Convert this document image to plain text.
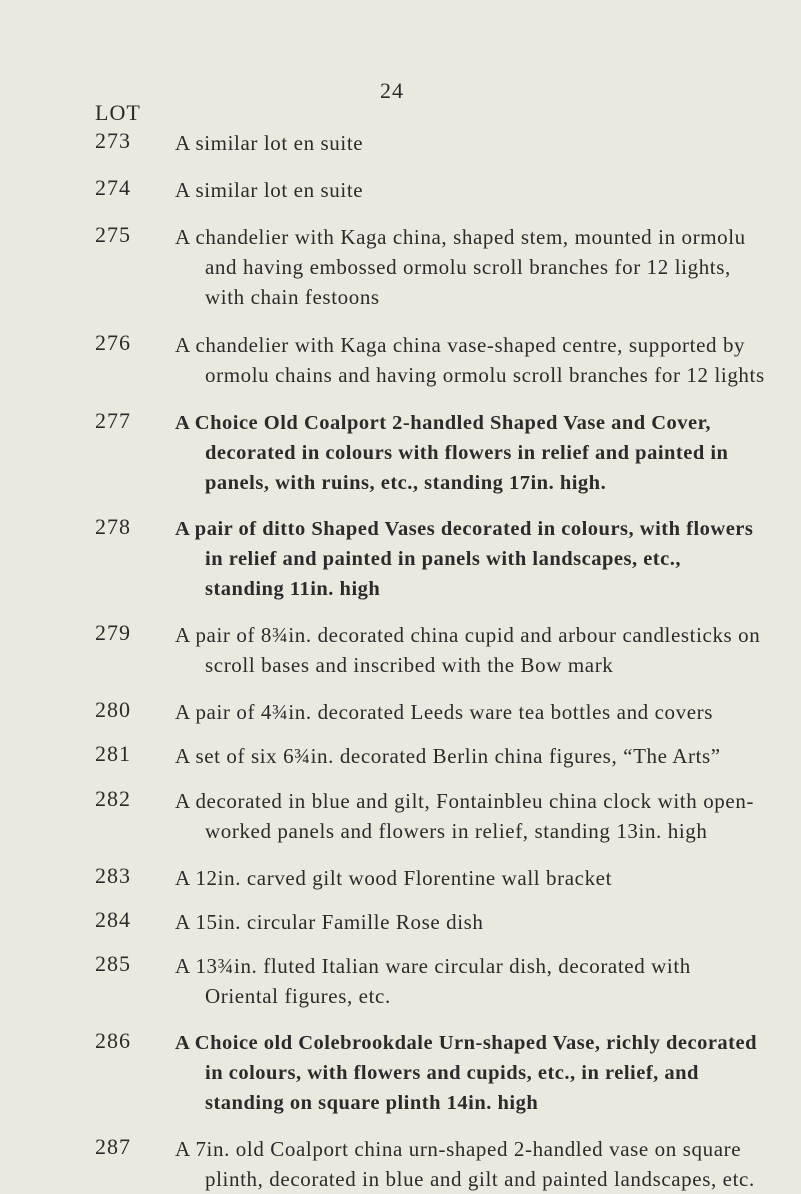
24
LOT
273 A similar lot en suite
274 A similar lot en suite
275 A chandelier with Kaga china, shaped stem, mounted in ormolu and having embossed ormolu scroll branches for 12 lights, with chain festoons
276 A chandelier with Kaga china vase-shaped centre, supported by ormolu chains and having ormolu scroll branches for 12 lights
277 A Choice Old Coalport 2-handled Shaped Vase and Cover, decorated in colours with flowers in relief and painted in panels, with ruins, etc., standing 17in. high.
278 A pair of ditto Shaped Vases decorated in colours, with flowers in relief and painted in panels with landscapes, etc., standing 11in. high
279 A pair of 8¾in. decorated china cupid and arbour candlesticks on scroll bases and inscribed with the Bow mark
280 A pair of 4¾in. decorated Leeds ware tea bottles and covers
281 A set of six 6¾in. decorated Berlin china figures, “The Arts”
282 A decorated in blue and gilt, Fontainbleu china clock with open-worked panels and flowers in relief, standing 13in. high
283 A 12in. carved gilt wood Florentine wall bracket
284 A 15in. circular Famille Rose dish
285 A 13¾in. fluted Italian ware circular dish, decorated with Oriental figures, etc.
286 A Choice old Colebrookdale Urn-shaped Vase, richly decorated in colours, with flowers and cupids, etc., in relief, and standing on square plinth 14in. high
287 A 7in. old Coalport china urn-shaped 2-handled vase on square plinth, decorated in blue and gilt and painted landscapes, etc.
